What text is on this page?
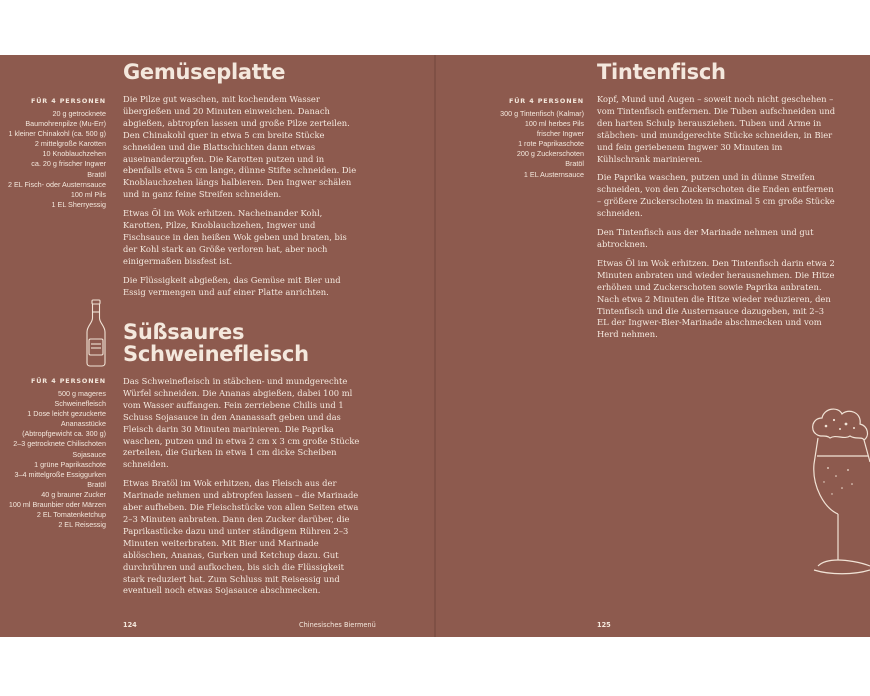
Gemüseplatte
FÜR 4 PERSONEN
20 g getrocknete
Baumohrenpilze (Mu-Err)
1 kleiner Chinakohl (ca. 500 g)
2 mittelgroße Karotten
10 Knoblauchzehen
ca. 20 g frischer Ingwer
Bratöl
2 EL Fisch- oder Austernsauce
100 ml Pils
1 EL Sherryessig

Die Pilze gut waschen, mit kochendem Wasser übergießen und 20 Minuten einweichen. Danach abgießen, abtropfen lassen und große Pilze zerteilen. Den Chinakohl quer in etwa 5 cm breite Stücke schneiden und die Blattschichten dann etwas auseinanderzupfen. Die Karotten putzen und in ebenfalls etwa 5 cm lange, dünne Stifte schneiden. Die Knoblauchzehen längs halbieren. Den Ingwer schälen und in ganz feine Streifen schneiden.

Etwas Öl im Wok erhitzen. Nacheinander Kohl, Karotten, Pilze, Knoblauchzehen, Ingwer und Fischsauce in den heißen Wok geben und braten, bis der Kohl stark an Größe verloren hat, aber noch einigermaßen bissfest ist.

Die Flüssigkeit abgießen, das Gemüse mit Bier und Essig vermengen und auf einer Platte anrichten.

Süßsaures
Schweinefleisch
FÜR 4 PERSONEN
500 g mageres
Schweinefleisch
1 Dose leicht gezuckerte
Ananasstücke
(Abtropfgewicht ca. 300 g)
2–3 getrocknete Chilischoten
Sojasauce
1 grüne Paprikaschote
3–4 mittelgroße Essiggurken
Bratöl
40 g brauner Zucker
100 ml Braunbier oder Märzen
2 EL Tomatenketchup
2 EL Reisessig

Das Schweinefleisch in stäbchen- und mundgerechte Würfel schneiden. Die Ananas abgießen, dabei 100 ml vom Wasser auffangen. Fein zerriebene Chilis und 1 Schuss Sojasauce in den Ananassaft geben und das Fleisch darin 30 Minuten marinieren. Die Paprika waschen, putzen und in etwa 2 cm x 3 cm große Stücke zerteilen, die Gurken in etwa 1 cm dicke Scheiben schneiden.

Etwas Bratöl im Wok erhitzen, das Fleisch aus der Marinade nehmen und abtropfen lassen – die Marinade aber aufheben. Die Fleischstücke von allen Seiten etwa 2–3 Minuten anbraten. Dann den Zucker darüber, die Paprikastücke dazu und unter ständigem Rühren 2–3 Minuten weiterbraten. Mit Bier und Marinade ablöschen, Ananas, Gurken und Ketchup dazu. Gut durchrühren und aufkochen, bis sich die Flüssigkeit stark reduziert hat. Zum Schluss mit Reisessig und eventuell noch etwas Sojasauce abschmecken.

124	Chinesisches Biermenü
Tintenfisch
FÜR 4 PERSONEN
300 g Tintenfisch (Kalmar)
100 ml herbes Pils
frischer Ingwer
1 rote Paprikaschote
200 g Zuckerschoten
Bratöl
1 EL Austernsauce

Kopf, Mund und Augen – soweit noch nicht geschehen – vom Tintenfisch entfernen. Die Tuben aufschneiden und den harten Schulp herausziehen. Tuben und Arme in stäbchen- und mundgerechte Stücke schneiden, in Bier und fein geriebenem Ingwer 30 Minuten im Kühlschrank marinieren.

Die Paprika waschen, putzen und in dünne Streifen schneiden, von den Zuckerschoten die Enden entfernen – größere Zuckerschoten in maximal 5 cm große Stücke schneiden.

Den Tintenfisch aus der Marinade nehmen und gut abtrocknen.

Etwas Öl im Wok erhitzen. Den Tintenfisch darin etwa 2 Minuten anbraten und wieder herausnehmen. Die Hitze erhöhen und Zuckerschoten sowie Paprika anbraten. Nach etwa 2 Minuten die Hitze wieder reduzieren, den Tintenfisch und die Austernsauce dazugeben, mit 2–3 EL der Ingwer-Bier-Marinade abschmecken und vom Herd nehmen.

125
